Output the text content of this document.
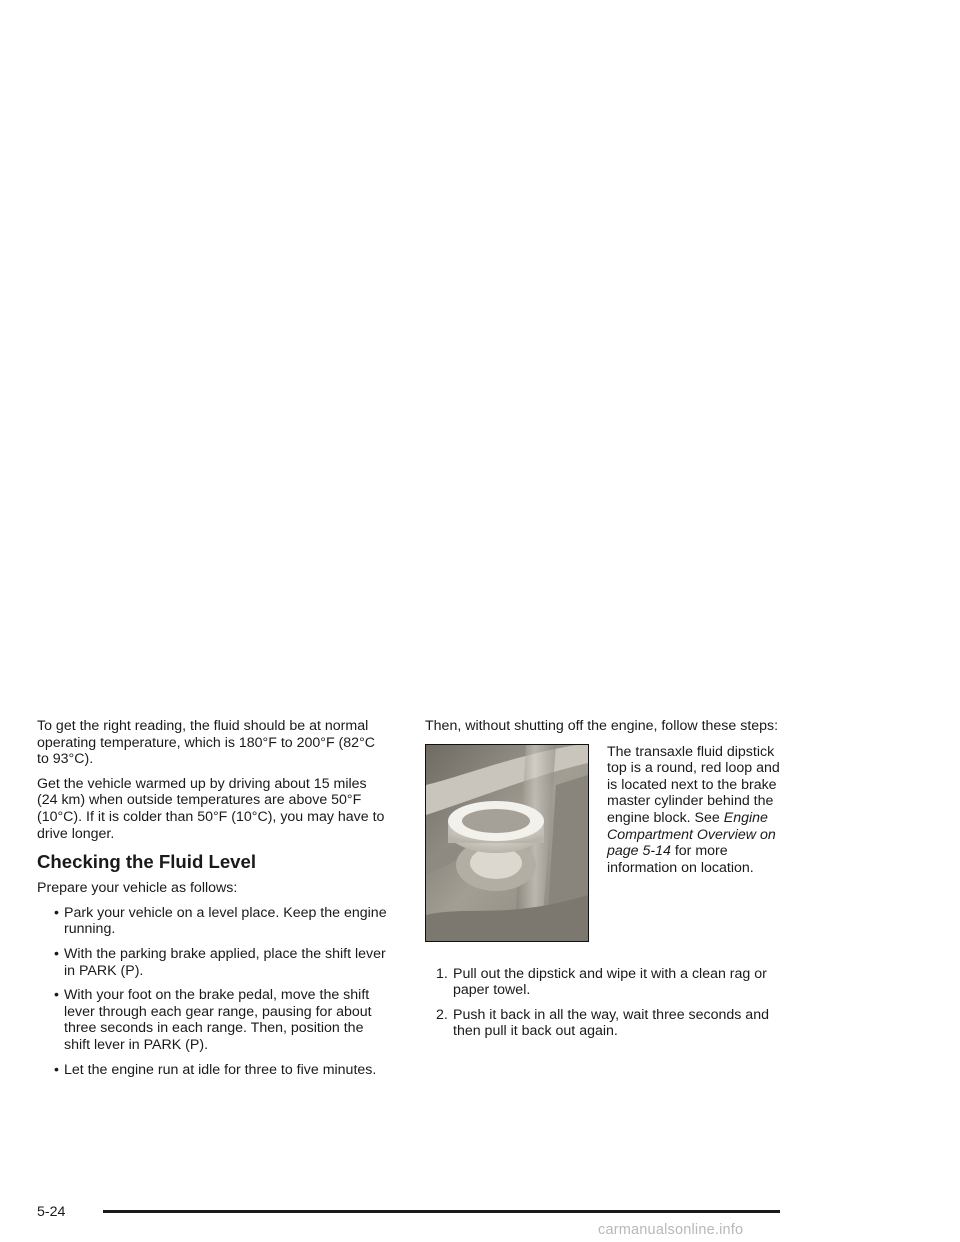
To get the right reading, the fluid should be at normal operating temperature, which is 180°F to 200°F (82°C to 93°C).

Get the vehicle warmed up by driving about 15 miles (24 km) when outside temperatures are above 50°F (10°C). If it is colder than 50°F (10°C), you may have to drive longer.

Checking the Fluid Level

Prepare your vehicle as follows:

• Park your vehicle on a level place. Keep the engine running.
• With the parking brake applied, place the shift lever in PARK (P).
• With your foot on the brake pedal, move the shift lever through each gear range, pausing for about three seconds in each range. Then, position the shift lever in PARK (P).
• Let the engine run at idle for three to five minutes.

Then, without shutting off the engine, follow these steps:

The transaxle fluid dipstick top is a round, red loop and is located next to the brake master cylinder behind the engine block. See Engine Compartment Overview on page 5-14 for more information on location.
1. Pull out the dipstick and wipe it with a clean rag or paper towel.
2. Push it back in all the way, wait three seconds and then pull it back out again.
5-24
carmanualsonline.info
